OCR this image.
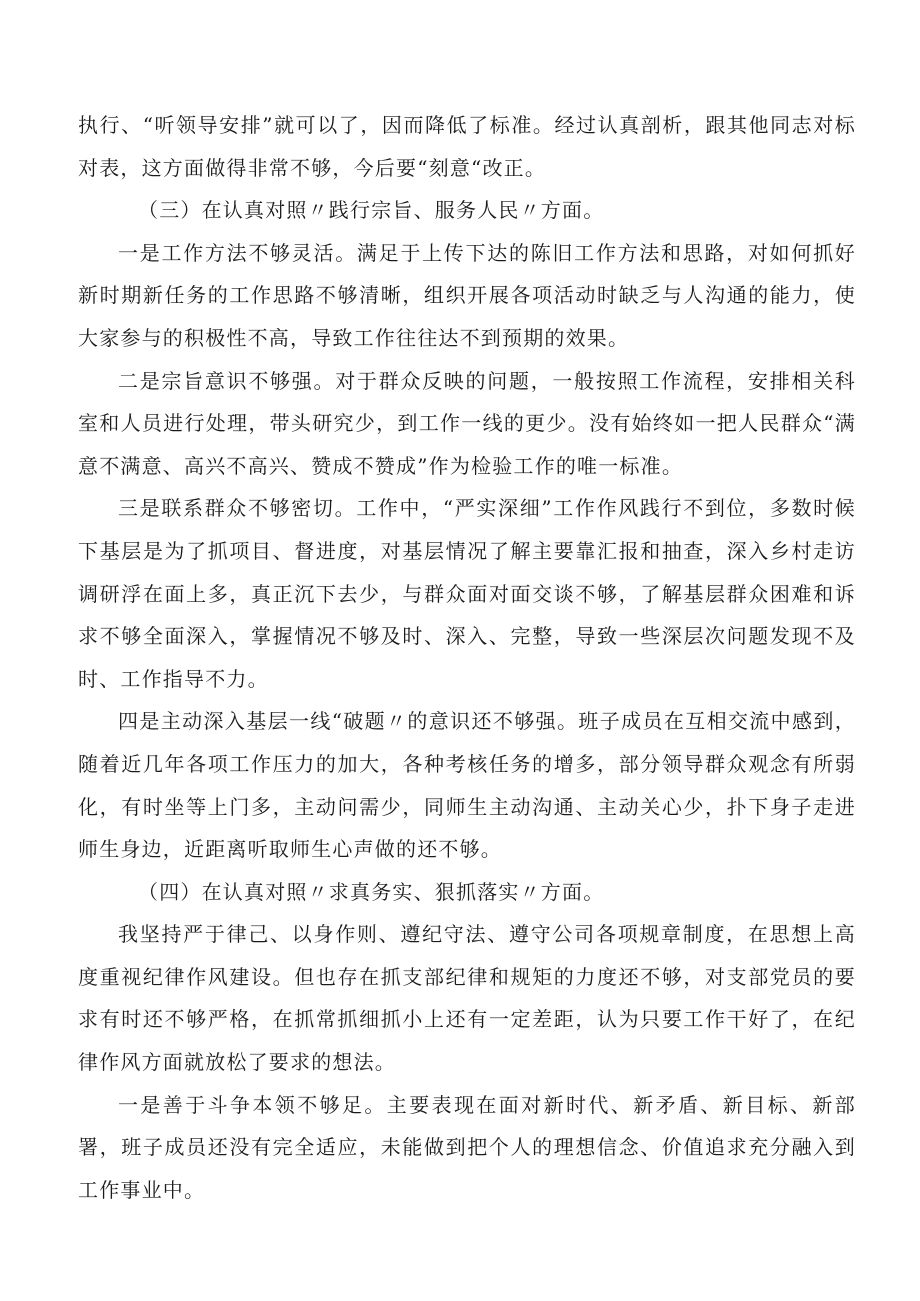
执行、“听领导安排”就可以了，因而降低了标准。经过认真剖析，跟其他同志对标对表，这方面做得非常不够，今后要“刻意“改正。

（三）在认真对照〃践行宗旨、服务人民〃方面。

一是工作方法不够灵活。满足于上传下达的陈旧工作方法和思路，对如何抓好新时期新任务的工作思路不够清晰，组织开展各项活动时缺乏与人沟通的能力，使大家参与的积极性不高，导致工作往往达不到预期的效果。

二是宗旨意识不够强。对于群众反映的问题，一般按照工作流程，安排相关科室和人员进行处理，带头研究少，到工作一线的更少。没有始终如一把人民群众“满意不满意、高兴不高兴、赞成不赞成”作为检验工作的唯一标准。

三是联系群众不够密切。工作中，“严实深细”工作作风践行不到位，多数时候下基层是为了抓项目、督进度，对基层情况了解主要靠汇报和抽查，深入乡村走访调研浮在面上多，真正沉下去少，与群众面对面交谈不够，了解基层群众困难和诉求不够全面深入，掌握情况不够及时、深入、完整，导致一些深层次问题发现不及时、工作指导不力。

四是主动深入基层一线“破题〃的意识还不够强。班子成员在互相交流中感到，随着近几年各项工作压力的加大，各种考核任务的增多，部分领导群众观念有所弱化，有时坐等上门多，主动问需少，同师生主动沟通、主动关心少，扑下身子走进师生身边，近距离听取师生心声做的还不够。

（四）在认真对照〃求真务实、狠抓落实〃方面。

我坚持严于律己、以身作则、遵纪守法、遵守公司各项规章制度，在思想上高度重视纪律作风建设。但也存在抓支部纪律和规矩的力度还不够，对支部党员的要求有时还不够严格，在抓常抓细抓小上还有一定差距，认为只要工作干好了，在纪律作风方面就放松了要求的想法。

一是善于斗争本领不够足。主要表现在面对新时代、新矛盾、新目标、新部署，班子成员还没有完全适应，未能做到把个人的理想信念、价值追求充分融入到工作事业中。
